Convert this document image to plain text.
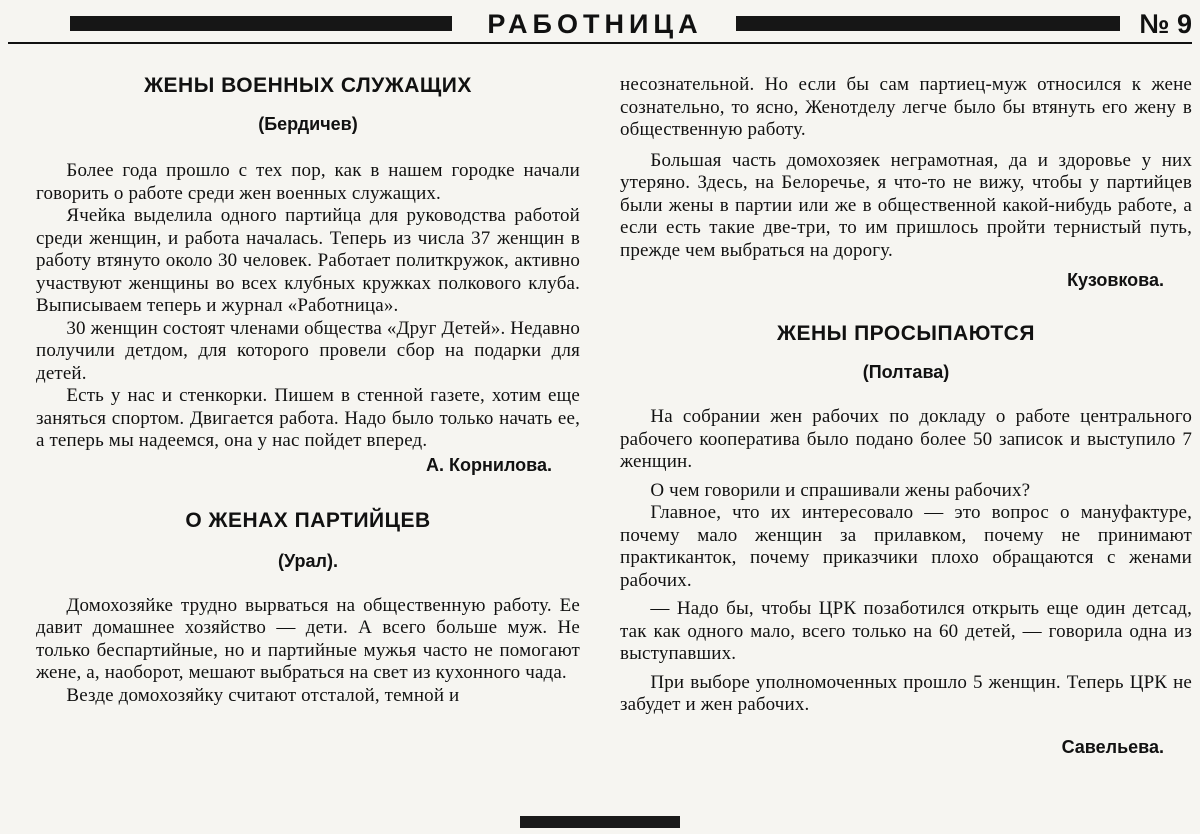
РАБОТНИЦА	№ 9
ЖЕНЫ ВОЕННЫХ СЛУЖАЩИХ
(Бердичев)

Более года прошло с тех пор, как в нашем городке начали говорить о работе среди жен военных служащих.

Ячейка выделила одного партийца для руководства работой среди женщин, и работа началась. Теперь из числа 37 женщин в работу втянуто около 30 человек. Работает политкружок, активно участвуют женщины во всех клубных кружках полкового клуба. Выписываем теперь и журнал «Работница».

30 женщин состоят членами общества «Друг Детей». Недавно получили детдом, для которого провели сбор на подарки для детей.

Есть у нас и стенкорки. Пишем в стенной газете, хотим еще заняться спортом. Двигается работа. Надо было только начать ее, а теперь мы надеемся, она у нас пойдет вперед.

А. Корнилова.
О ЖЕНАХ ПАРТИЙЦЕВ
(Урал).

Домохозяйке трудно вырваться на общественную работу. Ее давит домашнее хозяйство — дети. А всего больше муж. Не только беспартийные, но и партийные мужья часто не помогают жене, а, наоборот, мешают выбраться на свет из кухонного чада.

Везде домохозяйку считают отсталой, темной и

несознательной. Но если бы сам партиец-муж относился к жене сознательно, то ясно, Женотделу легче было бы втянуть его жену в общественную работу.

Большая часть домохозяек неграмотная, да и здоровье у них утеряно. Здесь, на Белоречье, я что-то не вижу, чтобы у партийцев были жены в партии или же в общественной какой-нибудь работе, а если есть такие две-три, то им пришлось пройти тернистый путь, прежде чем выбраться на дорогу.

Кузовкова.
ЖЕНЫ ПРОСЫПАЮТСЯ
(Полтава)

На собрании жен рабочих по докладу о работе центрального рабочего кооператива было подано более 50 записок и выступило 7 женщин.

О чем говорили и спрашивали жены рабочих?

Главное, что их интересовало — это вопрос о мануфактуре, почему мало женщин за прилавком, почему не принимают практиканток, почему приказчики плохо обращаются с женами рабочих.

— Надо бы, чтобы ЦРК позаботился открыть еще один детсад, так как одного мало, всего только на 60 детей, — говорила одна из выступавших.

При выборе уполномоченных прошло 5 женщин. Теперь ЦРК не забудет и жен рабочих.

Савельева.
